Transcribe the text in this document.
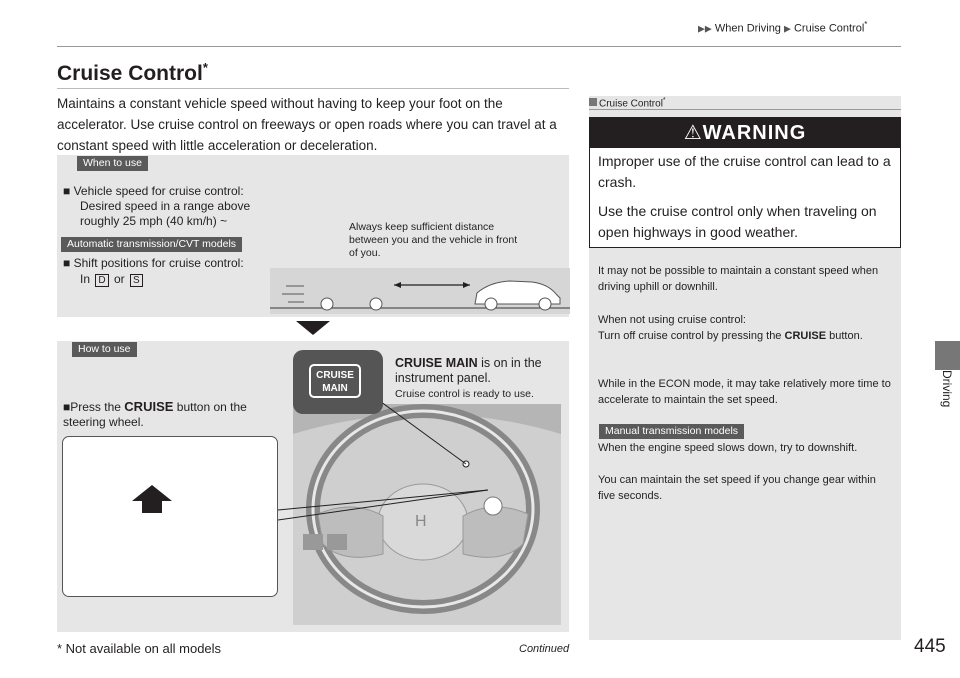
▶▶ When Driving ▶ Cruise Control*
Driving
Cruise Control*
Maintains a constant vehicle speed without having to keep your foot on the accelerator. Use cruise control on freeways or open roads where you can travel at a constant speed with little acceleration or deceleration.
When to use
■ Vehicle speed for cruise control:
Desired speed in a range above roughly 25 mph (40 km/h) ~
Automatic transmission/CVT models
■ Shift positions for cruise control:
In D or S
Always keep sufficient distance between you and the vehicle in front of you.
How to use
■Press the CRUISE button on the steering wheel.
CRUISE MAIN is on in the instrument panel.
Cruise control is ready to use.
H
CRUISE
MAIN
Cruise Control*
⚠WARNING
Improper use of the cruise control can lead to a crash.
Use the cruise control only when traveling on open highways in good weather.
It may not be possible to maintain a constant speed when driving uphill or downhill.
When not using cruise control:
Turn off cruise control by pressing the CRUISE button.
While in the ECON mode, it may take relatively more time to accelerate to maintain the set speed.
Manual transmission models
When the engine speed slows down, try to downshift.
You can maintain the set speed if you change gear within five seconds.
* Not available on all models	Continued	445
